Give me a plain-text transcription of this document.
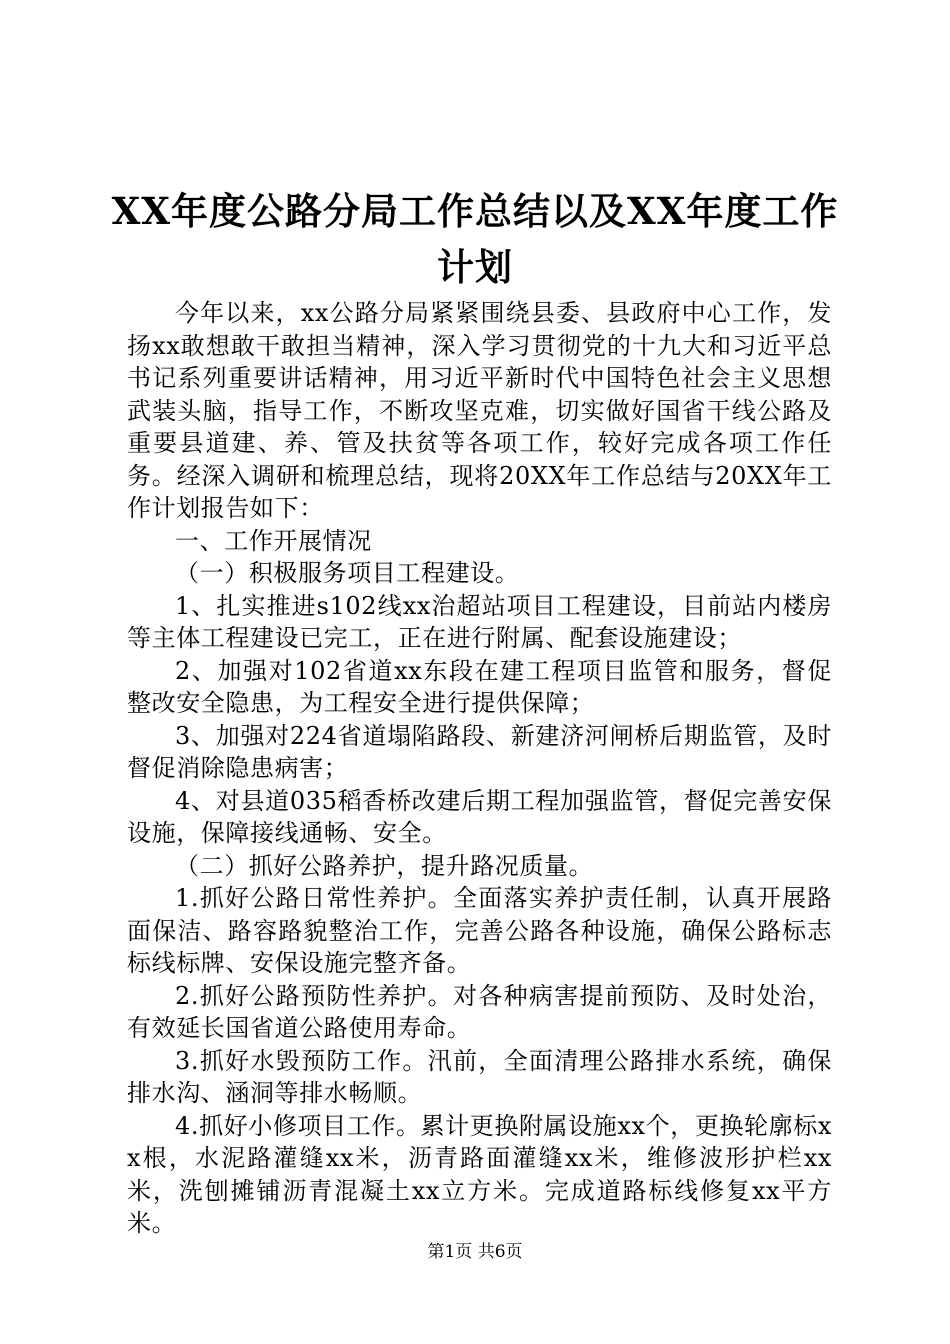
XX年度公路分局工作总结以及XX年度工作计划

今年以来，xx公路分局紧紧围绕县委、县政府中心工作，发扬xx敢想敢干敢担当精神，深入学习贯彻党的十九大和习近平总书记系列重要讲话精神，用习近平新时代中国特色社会主义思想武装头脑，指导工作，不断攻坚克难，切实做好国省干线公路及重要县道建、养、管及扶贫等各项工作，较好完成各项工作任务。经深入调研和梳理总结，现将20XX年工作总结与20XX年工作计划报告如下：

一、工作开展情况

（一）积极服务项目工程建设。

1、扎实推进s102线xx治超站项目工程建设，目前站内楼房等主体工程建设已完工，正在进行附属、配套设施建设；

2、加强对102省道xx东段在建工程项目监管和服务，督促整改安全隐患，为工程安全进行提供保障；

3、加强对224省道塌陷路段、新建济河闸桥后期监管，及时督促消除隐患病害；

4、对县道035稻香桥改建后期工程加强监管，督促完善安保设施，保障接线通畅、安全。

（二）抓好公路养护，提升路况质量。

1.抓好公路日常性养护。全面落实养护责任制，认真开展路面保洁、路容路貌整治工作，完善公路各种设施，确保公路标志标线标牌、安保设施完整齐备。

2.抓好公路预防性养护。对各种病害提前预防、及时处治，有效延长国省道公路使用寿命。

3.抓好水毁预防工作。汛前，全面清理公路排水系统，确保排水沟、涵洞等排水畅顺。

4.抓好小修项目工作。累计更换附属设施xx个，更换轮廓标xx根，水泥路灌缝xx米，沥青路面灌缝xx米，维修波形护栏xx米，洗刨摊铺沥青混凝土xx立方米。完成道路标线修复xx平方米。

第1页 共6页
